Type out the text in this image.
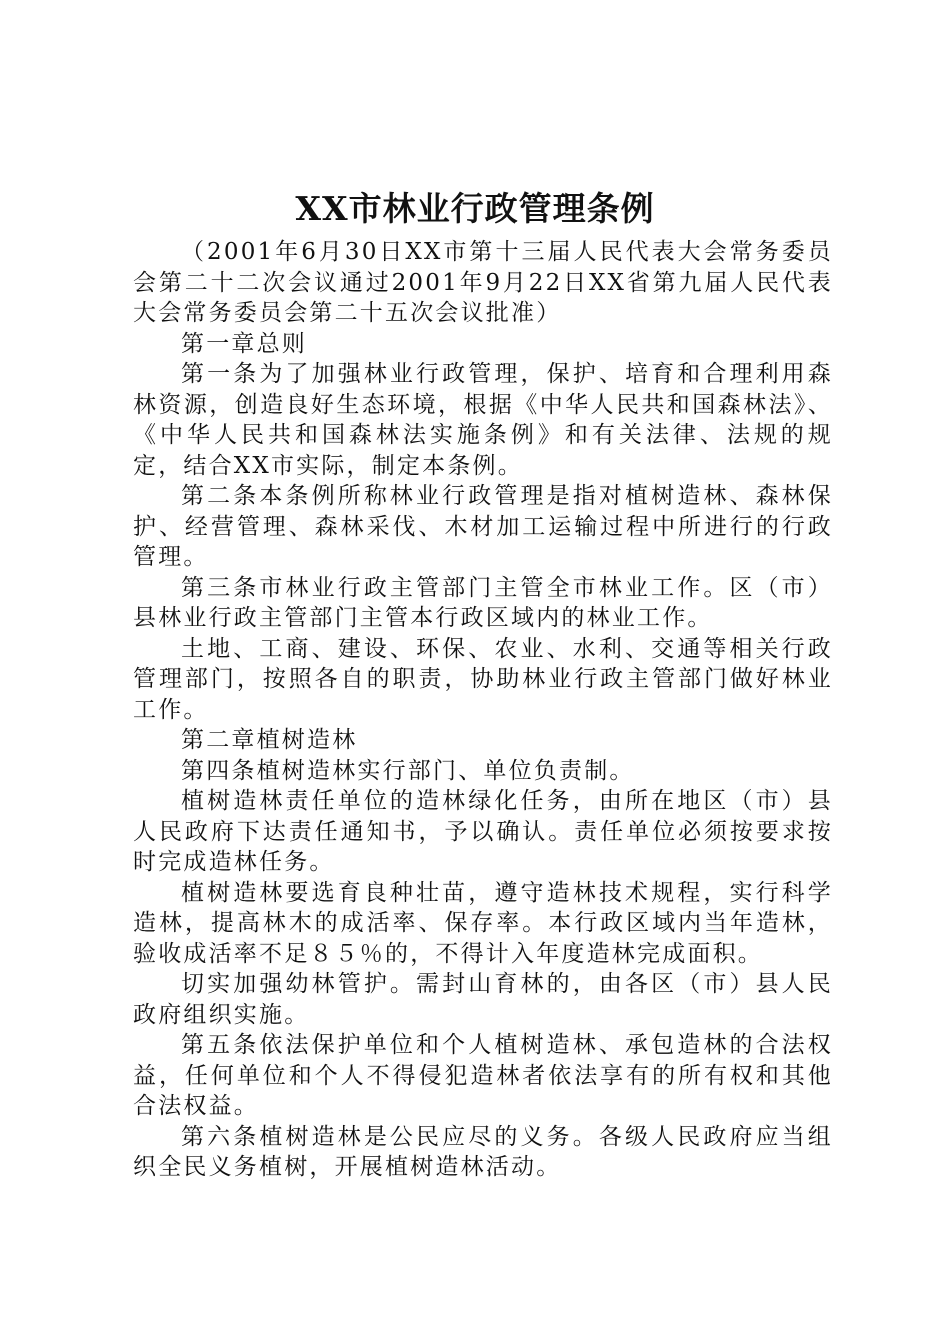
XX市林业行政管理条例

（2001年6月30日XX市第十三届人民代表大会常务委员会第二十二次会议通过2001年9月22日XX省第九届人民代表大会常务委员会第二十五次会议批准）

第一章总则

第一条为了加强林业行政管理，保护、培育和合理利用森林资源，创造良好生态环境，根据《中华人民共和国森林法》、《中华人民共和国森林法实施条例》和有关法律、法规的规定，结合XX市实际，制定本条例。

第二条本条例所称林业行政管理是指对植树造林、森林保护、经营管理、森林采伐、木材加工运输过程中所进行的行政管理。

第三条市林业行政主管部门主管全市林业工作。区（市）县林业行政主管部门主管本行政区域内的林业工作。

土地、工商、建设、环保、农业、水利、交通等相关行政管理部门，按照各自的职责，协助林业行政主管部门做好林业工作。

第二章植树造林

第四条植树造林实行部门、单位负责制。

植树造林责任单位的造林绿化任务，由所在地区（市）县人民政府下达责任通知书，予以确认。责任单位必须按要求按时完成造林任务。

植树造林要选育良种壮苗，遵守造林技术规程，实行科学造林，提高林木的成活率、保存率。本行政区域内当年造林，验收成活率不足８５％的，不得计入年度造林完成面积。

切实加强幼林管护。需封山育林的，由各区（市）县人民政府组织实施。

第五条依法保护单位和个人植树造林、承包造林的合法权益，任何单位和个人不得侵犯造林者依法享有的所有权和其他合法权益。

第六条植树造林是公民应尽的义务。各级人民政府应当组织全民义务植树，开展植树造林活动。
